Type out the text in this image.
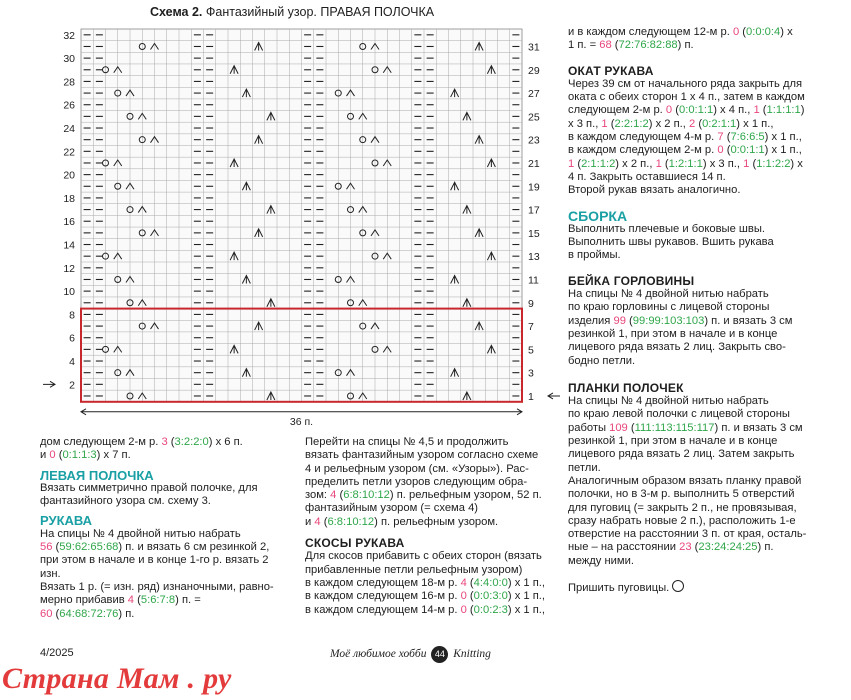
Схема 2. Фантазийный узор. ПРАВАЯ ПОЛОЧКА
32
30
28
26
24
22
20
18
16
14
12
10
8
6
4
2
31
29
27
25
23
21
19
17
15
13
11
9
7
5
3
1
36 п.

дом следующем 2-м р. 3 (3:2:2:0) x 6 п.

и 0 (0:1:1:3) x 7 п.

ЛЕВАЯ ПОЛОЧКА

Вязать симметрично правой полочке, для фантазийного узора см. схему 3.

РУКАВА

На спицы № 4 двойной нитью набрать

56 (59:62:65:68) п. и вязать 6 см резинкой 2,

при этом в начале и в конце 1-го р. вязать 2 изн.

Вязать 1 р. (= изн. ряд) изнаночными, равно-

мерно прибавив 4 (5:6:7:8) п. =

60 (64:68:72:76) п.

Перейти на спицы № 4,5 и продолжить

вязать фантазийным узором согласно схеме

4 и рельефным узором (см. «Узоры»). Рас-

пределить петли узоров следующим обра-

зом: 4 (6:8:10:12) п. рельефным узором, 52 п.

фантазийным узором (= схема 4)

и 4 (6:8:10:12) п. рельефным узором.

СКОСЫ РУКАВА

Для скосов прибавить с обеих сторон (вязать

прибавленные петли рельефным узором)

в каждом следующем 18-м р. 4 (4:4:0:0) x 1 п.,

в каждом следующем 16-м р. 0 (0:0:3:0) x 1 п.,

в каждом следующем 14-м р. 0 (0:0:2:3) x 1 п.,

и в каждом следующем 12-м р. 0 (0:0:0:4) x

1 п. = 68 (72:76:82:88) п.

ОКАТ РУКАВА

Через 39 см от начального ряда закрыть для

оката с обеих сторон 1 x 4 п., затем в каждом

следующем 2-м р. 0 (0:0:1:1) x 4 п., 1 (1:1:1:1)

x 3 п., 1 (2:2:1:2) x 2 п., 2 (0:2:1:1) x 1 п.,

в каждом следующем 4-м р. 7 (7:6:6:5) x 1 п.,

в каждом следующем 2-м р. 0 (0:0:1:1) x 1 п.,

1 (2:1:1:2) x 2 п., 1 (1:2:1:1) x 3 п., 1 (1:1:2:2) x

4 п. Закрыть оставшиеся 14 п.

Второй рукав вязать аналогично.

СБОРКА

Выполнить плечевые и боковые швы.

Выполнить швы рукавов. Вшить рукава

в проймы.

БЕЙКА ГОРЛОВИНЫ

На спицы № 4 двойной нитью набрать

по краю горловины с лицевой стороны

изделия 99 (99:99:103:103) п. и вязать 3 см

резинкой 1, при этом в начале и в конце

лицевого ряда вязать 2 лиц. Закрыть сво-

бодно петли.

ПЛАНКИ ПОЛОЧЕК

На спицы № 4 двойной нитью набрать

по краю левой полочки с лицевой стороны

работы 109 (111:113:115:117) п. и вязать 3 см

резинкой 1, при этом в начале и в конце

лицевого ряда вязать 2 лиц. Затем закрыть

петли.

Аналогичным образом вязать планку правой

полочки, но в 3-м р. выполнить 5 отверстий

для пуговиц (= закрыть 2 п., не провязывая,

сразу набрать новые 2 п.), расположить 1-е

отверстие на расстоянии 3 п. от края, осталь-

ные – на расстоянии 23 (23:24:24:25) п.

между ними.

Пришить пуговицы.

4/2025	Моё любимое хобби 44 Knitting
Страна Мам . ру
